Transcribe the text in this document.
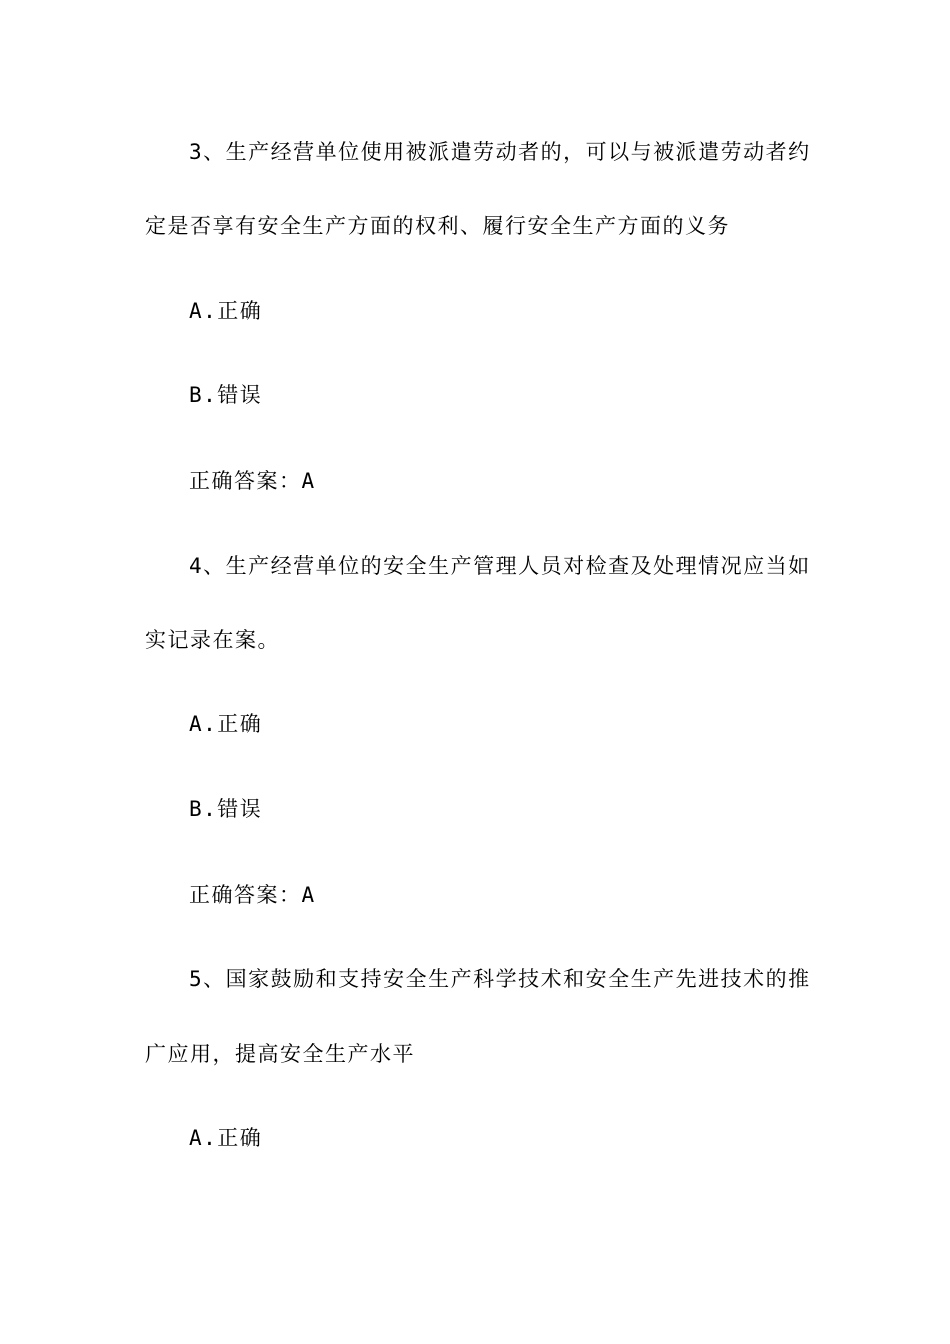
3、生产经营单位使用被派遣劳动者的，可以与被派遣劳动者约
定是否享有安全生产方面的权利、履行安全生产方面的义务
A.正确
B.错误
正确答案：A
4、生产经营单位的安全生产管理人员对检查及处理情况应当如
实记录在案。
A.正确
B.错误
正确答案：A
5、国家鼓励和支持安全生产科学技术和安全生产先进技术的推
广应用，提高安全生产水平
A.正确
